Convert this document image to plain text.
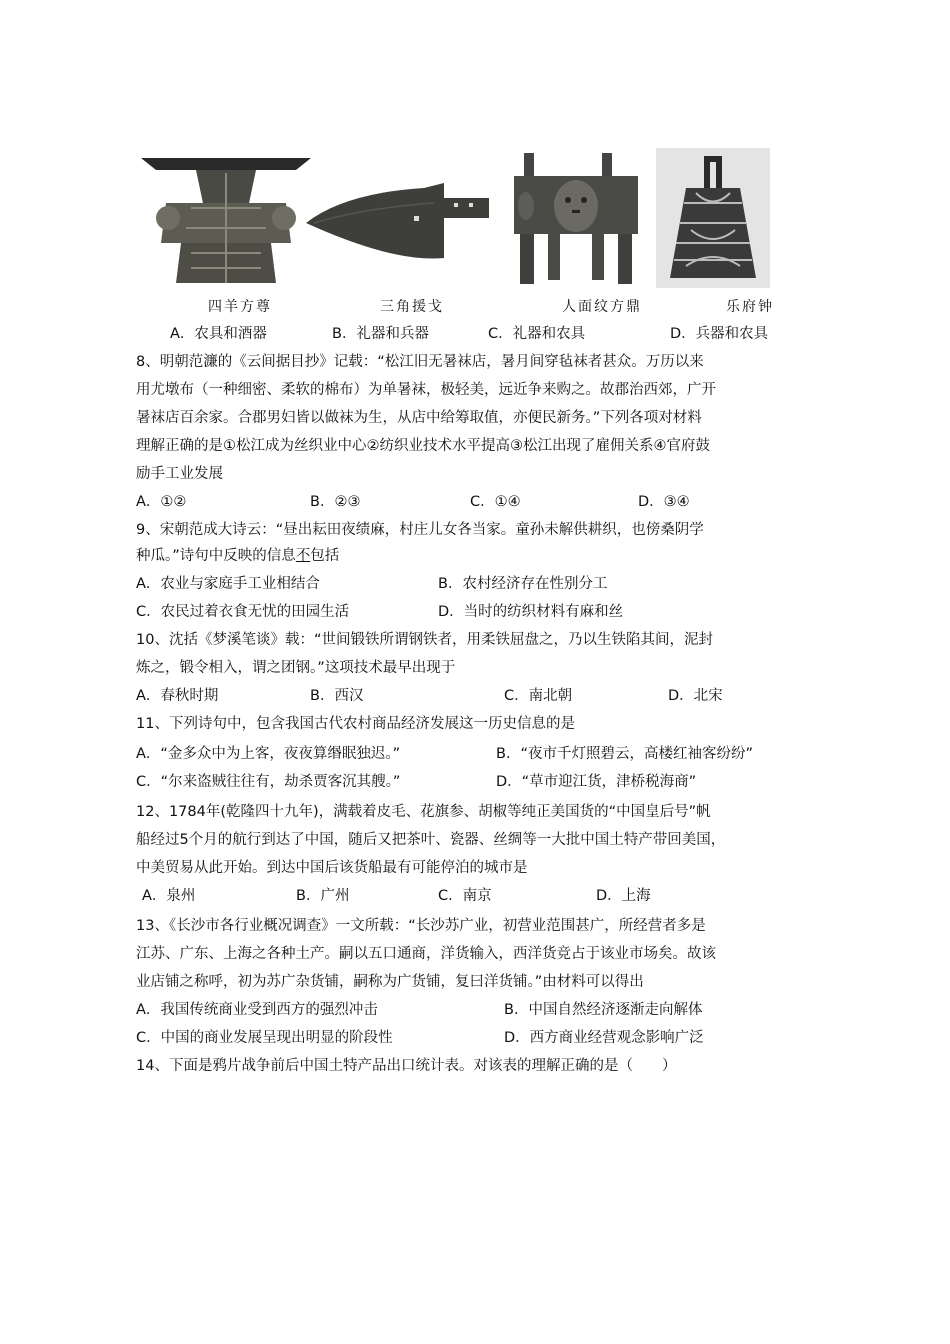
四羊方尊	三角援戈	人面纹方鼎	乐府钟
A．农具和酒器	B．礼器和兵器	C．礼器和农具	D．兵器和农具
8、明朝范濂的《云间据目抄》记载：“松江旧无暑袜店，暑月间穿毡袜者甚众。万历以来
用尤墩布（一种细密、柔软的棉布）为单暑袜，极轻美，远近争来购之。故郡治西郊，广开
暑袜店百余家。合郡男妇皆以做袜为生，从店中给筹取值，亦便民新务。”下列各项对材料
理解正确的是①松江成为丝织业中心②纺织业技术水平提高③松江出现了雇佣关系④官府鼓
励手工业发展
A．①②	B．②③	C．①④	D．③④
9、宋朝范成大诗云：“昼出耘田夜绩麻，村庄儿女各当家。童孙未解供耕织，也傍桑阴学
种瓜。”诗句中反映的信息不包括
A．农业与家庭手工业相结合	B．农村经济存在性别分工
C．农民过着衣食无忧的田园生活	D．当时的纺织材料有麻和丝
10、沈括《梦溪笔谈》载：“世间锻铁所谓钢铁者，用柔铁屈盘之，乃以生铁陷其间，泥封
炼之，锻令相入，谓之团钢。”这项技术最早出现于
A．春秋时期	B．西汉	C．南北朝	D．北宋
11、下列诗句中，包含我国古代农村商品经济发展这一历史信息的是
A．“金多众中为上客，夜夜算缗眠独迟。”	B．“夜市千灯照碧云，高楼红袖客纷纷”
C．“尔来盗贼往往有，劫杀贾客沉其艘。”	D．“草市迎江货，津桥税海商”
12、1784年(乾隆四十九年)，满载着皮毛、花旗参、胡椒等纯正美国货的“中国皇后号”帆
船经过5个月的航行到达了中国，随后又把茶叶、瓷器、丝绸等一大批中国土特产带回美国，
中美贸易从此开始。到达中国后该货船最有可能停泊的城市是
A．泉州	B．广州	C．南京	D．上海
13、《长沙市各行业概况调查》一文所载：“长沙苏广业，初营业范围甚广，所经营者多是
江苏、广东、上海之各种土产。嗣以五口通商，洋货输入，西洋货竞占于该业市场矣。故该
业店铺之称呼，初为苏广杂货铺，嗣称为广货铺，复曰洋货铺。”由材料可以得出
A．我国传统商业受到西方的强烈冲击	B．中国自然经济逐渐走向解体
C．中国的商业发展呈现出明显的阶段性	D．西方商业经营观念影响广泛
14、下面是鸦片战争前后中国土特产品出口统计表。对该表的理解正确的是（　　）
